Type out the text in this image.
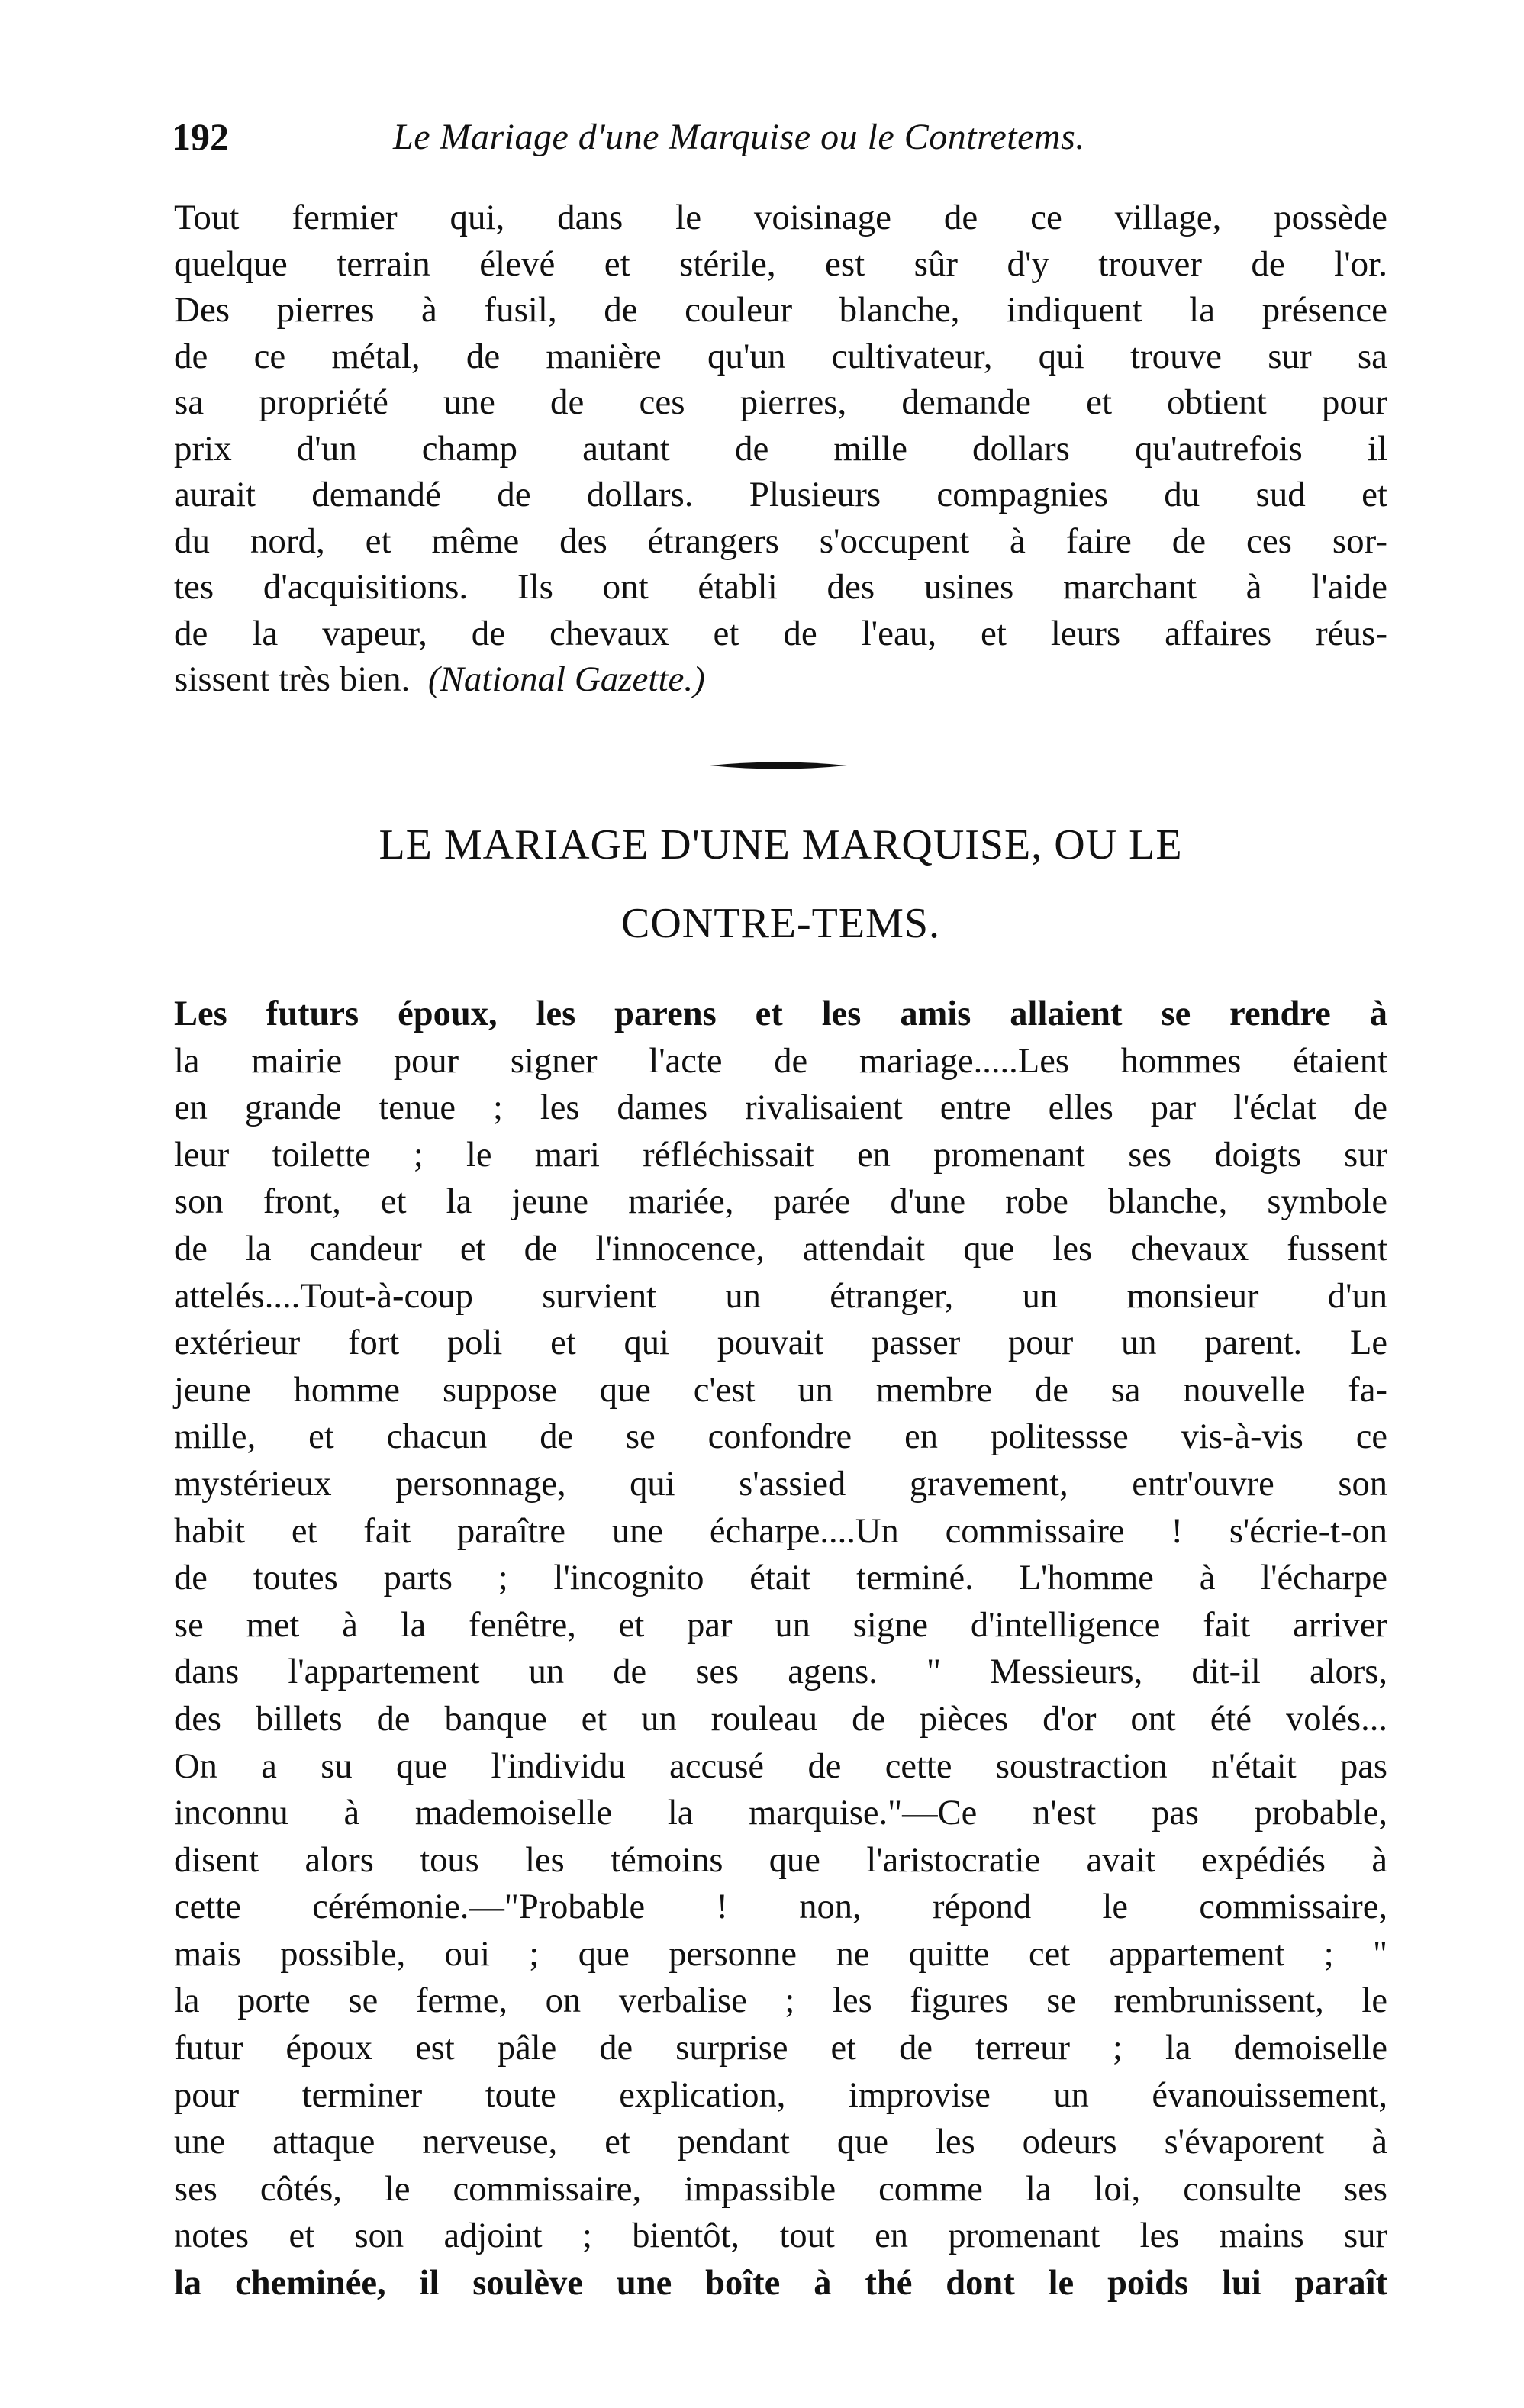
192	Le Mariage d'une Marquise ou le Contretems.
Tout fermier qui, dans le voisinage de ce village, possède
quelque terrain élevé et stérile, est sûr d'y trouver de l'or.
Des pierres à fusil, de couleur blanche, indiquent la présence
de ce métal, de manière qu'un cultivateur, qui trouve sur sa
sa propriété une de ces pierres, demande et obtient pour
prix d'un champ autant de mille dollars qu'autrefois il
aurait demandé de dollars. Plusieurs compagnies du sud et
du nord, et même des étrangers s'occupent à faire de ces sor-
tes d'acquisitions. Ils ont établi des usines marchant à l'aide
de la vapeur, de chevaux et de l'eau, et leurs affaires réus-
sissent très bien. (National Gazette.)
LE MARIAGE D'UNE MARQUISE, OU LE
CONTRE-TEMS.
Les futurs époux, les parens et les amis allaient se rendre à
la mairie pour signer l'acte de mariage.....Les hommes étaient
en grande tenue ; les dames rivalisaient entre elles par l'éclat de
leur toilette ; le mari réfléchissait en promenant ses doigts sur
son front, et la jeune mariée, parée d'une robe blanche, symbole
de la candeur et de l'innocence, attendait que les chevaux fussent
attelés....Tout-à-coup survient un étranger, un monsieur d'un
extérieur fort poli et qui pouvait passer pour un parent. Le
jeune homme suppose que c'est un membre de sa nouvelle fa-
mille, et chacun de se confondre en politessse vis-à-vis ce
mystérieux personnage, qui s'assied gravement, entr'ouvre son
habit et fait paraître une écharpe....Un commissaire ! s'écrie-t-on
de toutes parts ; l'incognito était terminé. L'homme à l'écharpe
se met à la fenêtre, et par un signe d'intelligence fait arriver
dans l'appartement un de ses agens. " Messieurs, dit-il alors,
des billets de banque et un rouleau de pièces d'or ont été volés...
On a su que l'individu accusé de cette soustraction n'était pas
inconnu à mademoiselle la marquise."—Ce n'est pas probable,
disent alors tous les témoins que l'aristocratie avait expédiés à
cette cérémonie.—"Probable ! non, répond le commissaire,
mais possible, oui ; que personne ne quitte cet appartement ; "
la porte se ferme, on verbalise ; les figures se rembrunissent, le
futur époux est pâle de surprise et de terreur ; la demoiselle
pour terminer toute explication, improvise un évanouissement,
une attaque nerveuse, et pendant que les odeurs s'évaporent à
ses côtés, le commissaire, impassible comme la loi, consulte ses
notes et son adjoint ; bientôt, tout en promenant les mains sur
la cheminée, il soulève une boîte à thé dont le poids lui paraît
